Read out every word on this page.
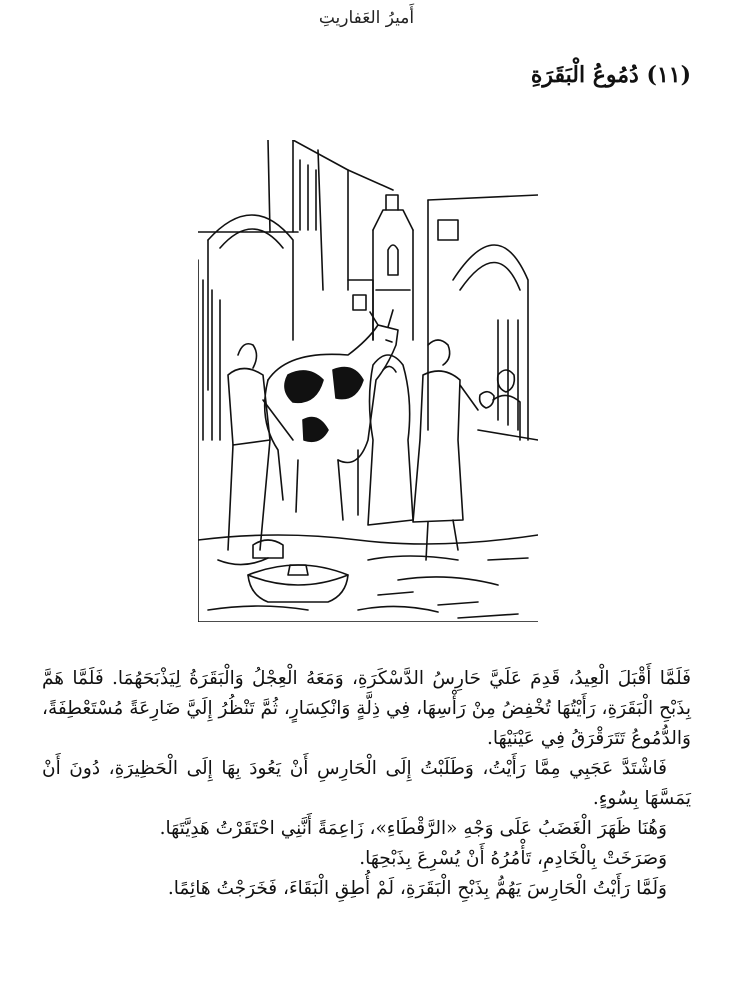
أَميرُ العَفاريتِ
(١١) دُمُوعُ الْبَقَرَةِ

فَلَمَّا أَقْبَلَ الْعِيدُ، قَدِمَ عَلَيَّ حَارِسُ الدَّسْكَرَةِ، وَمَعَهُ الْعِجْلُ وَالْبَقَرَةُ لِيَذْبَحَهُمَا. فَلَمَّا هَمَّ بِذَبْحِ الْبَقَرَةِ، رَأَيْتُهَا تُخْفِضُ مِنْ رَأْسِهَا، فِي ذِلَّةٍ وَانْكِسَارٍ، ثُمَّ تَنْظُرُ إِلَيَّ ضَارِعَةً مُسْتَعْطِفَةً، وَالدُّمُوعُ تَتَرَقْرَقُ فِي عَيْنَيْهَا.

فَاشْتَدَّ عَجَبِي مِمَّا رَأَيْتُ، وَطَلَبْتُ إِلَى الْحَارِسِ أَنْ يَعُودَ بِهَا إِلَى الْحَظِيرَةِ، دُونَ أَنْ يَمَسَّهَا بِسُوءٍ.

وَهُنَا ظَهَرَ الْغَضَبُ عَلَى وَجْهِ «الرَّقْطَاءِ»، زَاعِمَةً أَنَّنِي احْتَقَرْتُ هَدِيَّتَهَا.

وَصَرَخَتْ بِالْخَادِمِ، تَأْمُرُهُ أَنْ يُسْرِعَ بِذَبْحِهَا.

وَلَمَّا رَأَيْتُ الْحَارِسَ يَهُمُّ بِذَبْحِ الْبَقَرَةِ، لَمْ أُطِقِ الْبَقَاءَ، فَخَرَجْتُ هَائِمًا.
